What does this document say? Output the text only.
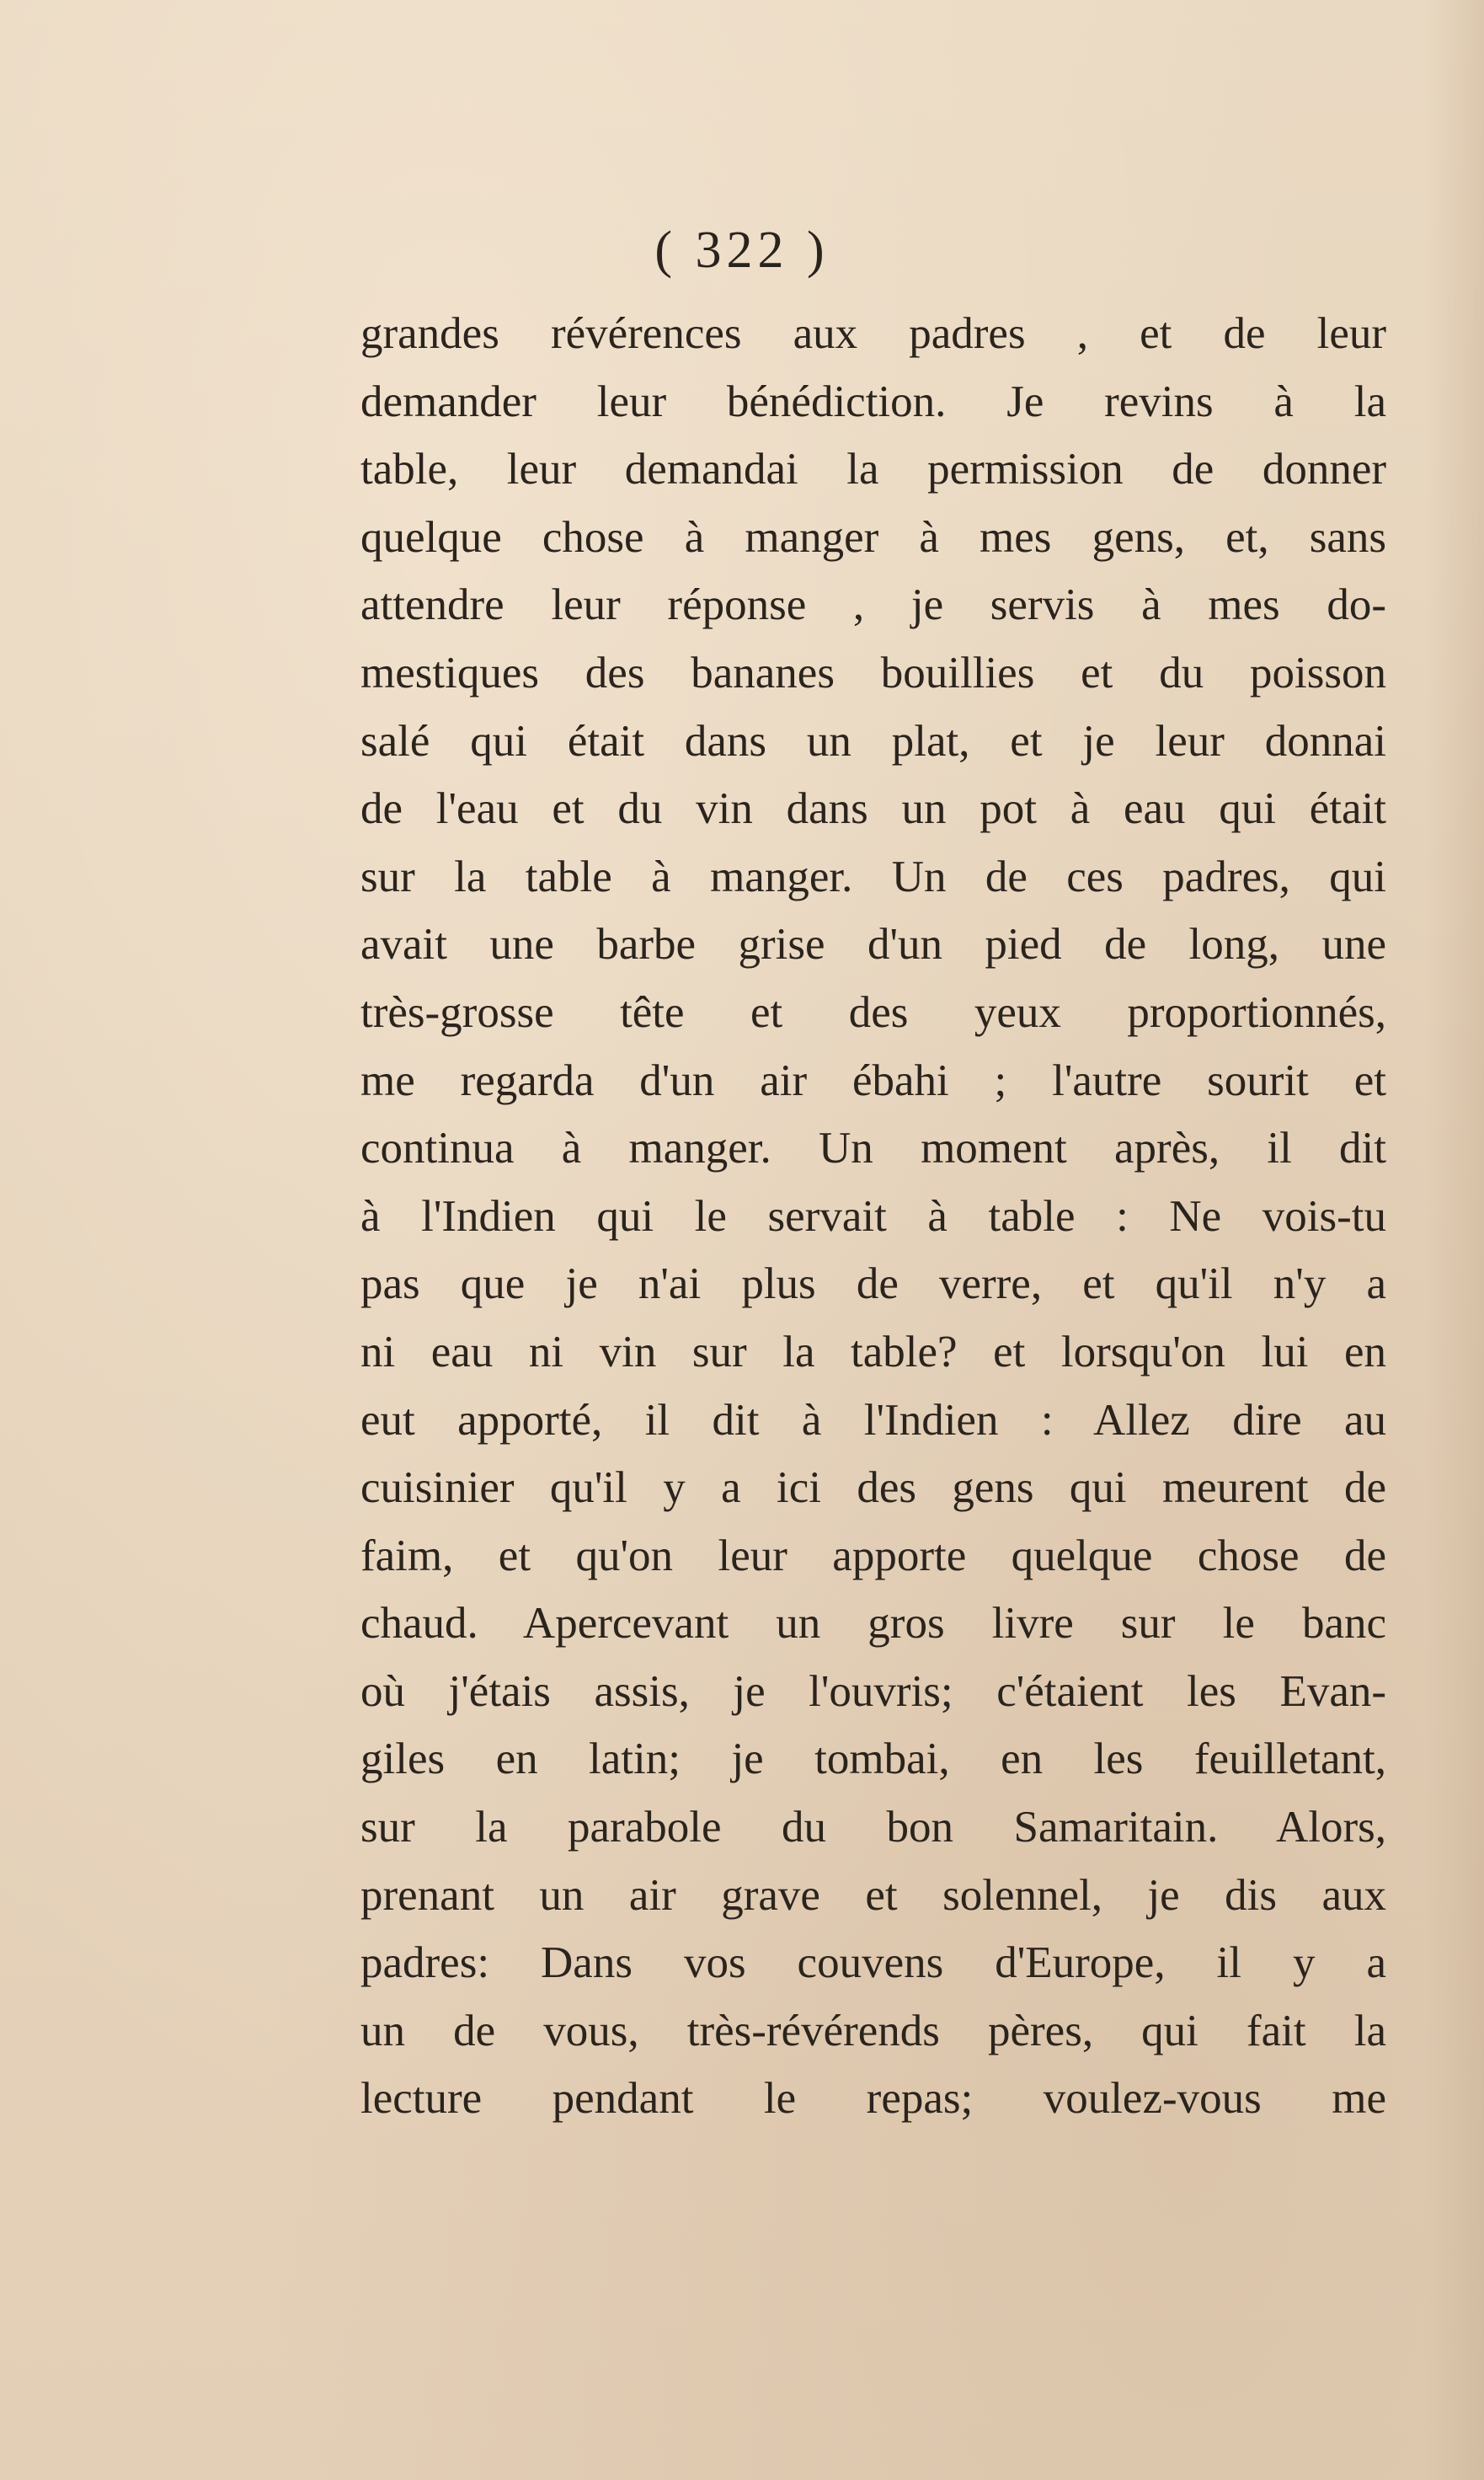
( 322 )
grandes révérences aux padres , et de leur
demander leur bénédiction. Je revins à la
table, leur demandai la permission de donner
quelque chose à manger à mes gens, et, sans
attendre leur réponse , je servis à mes do-
mestiques des bananes bouillies et du poisson
salé qui était dans un plat, et je leur donnai
de l'eau et du vin dans un pot à eau qui était
sur la table à manger. Un de ces padres, qui
avait une barbe grise d'un pied de long, une
très-grosse tête et des yeux proportionnés,
me regarda d'un air ébahi ; l'autre sourit et
continua à manger. Un moment après, il dit
à l'Indien qui le servait à table : Ne vois-tu
pas que je n'ai plus de verre, et qu'il n'y a
ni eau ni vin sur la table? et lorsqu'on lui en
eut apporté, il dit à l'Indien : Allez dire au
cuisinier qu'il y a ici des gens qui meurent de
faim, et qu'on leur apporte quelque chose de
chaud. Apercevant un gros livre sur le banc
où j'étais assis, je l'ouvris; c'étaient les Evan-
giles en latin; je tombai, en les feuilletant,
sur la parabole du bon Samaritain. Alors,
prenant un air grave et solennel, je dis aux
padres: Dans vos couvens d'Europe, il y a
un de vous, très-révérends pères, qui fait la
lecture pendant le repas; voulez-vous me
